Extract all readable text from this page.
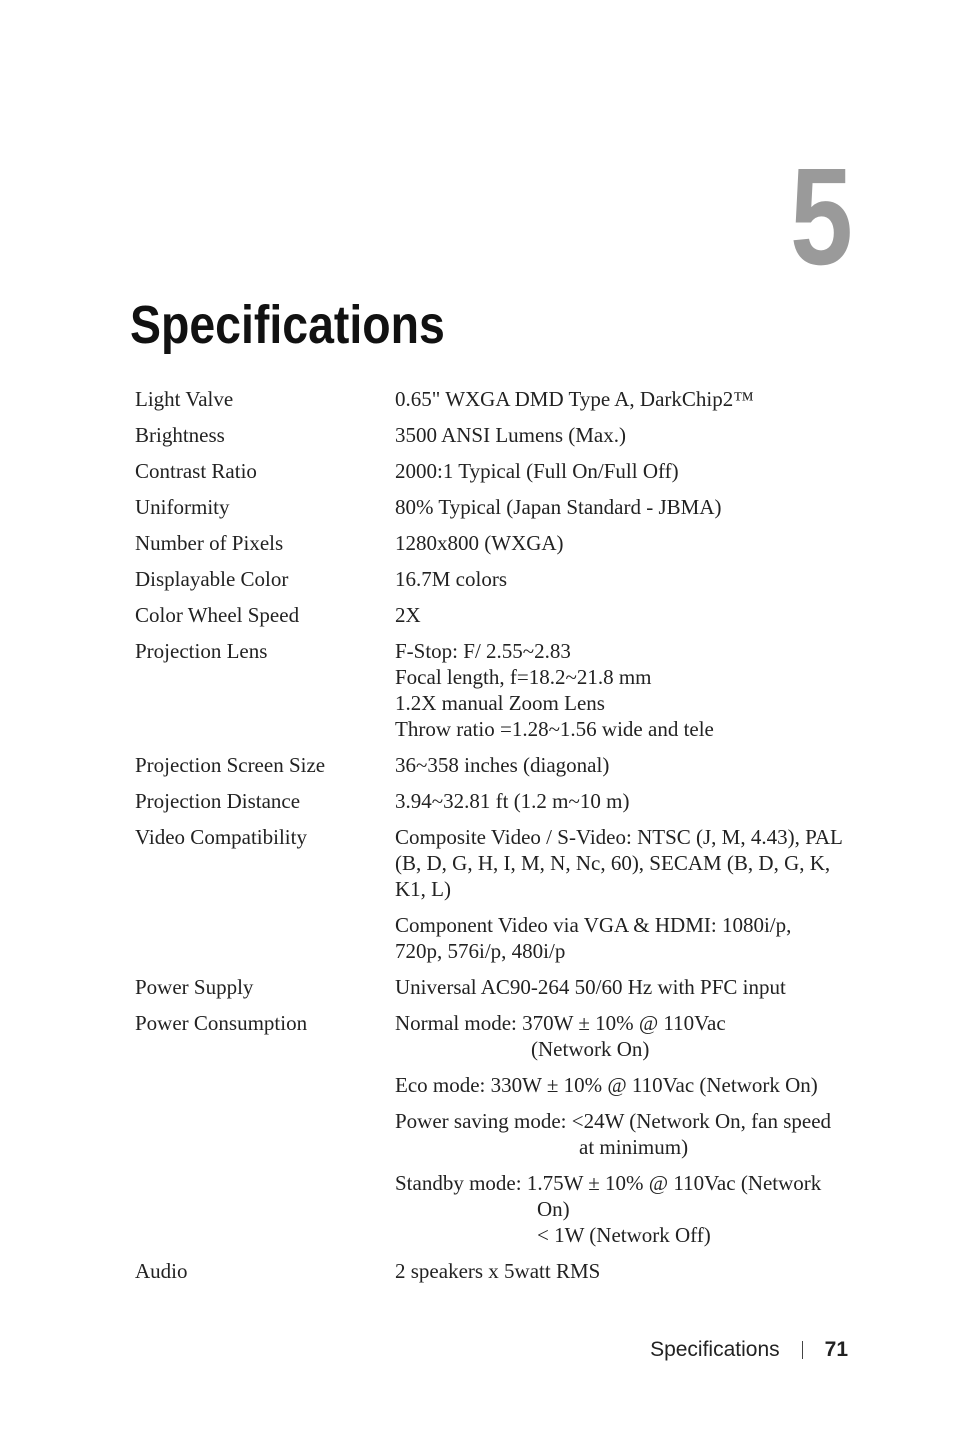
5
Specifications
Light Valve	0.65" WXGA DMD Type A, DarkChip2™
Brightness	3500 ANSI Lumens (Max.)
Contrast Ratio	2000:1 Typical (Full On/Full Off)
Uniformity	80% Typical (Japan Standard - JBMA)
Number of Pixels	1280x800 (WXGA)
Displayable Color	16.7M colors
Color Wheel Speed	2X
Projection Lens	F-Stop: F/ 2.55~2.83
Focal length, f=18.2~21.8 mm
1.2X manual Zoom Lens
Throw ratio =1.28~1.56 wide and tele
Projection Screen Size	36~358 inches (diagonal)
Projection Distance	3.94~32.81 ft (1.2 m~10 m)
Video Compatibility	Composite Video / S-Video: NTSC (J, M, 4.43), PAL
(B, D, G, H, I, M, N, Nc, 60), SECAM (B, D, G, K,
K1, L)
Component Video via VGA & HDMI: 1080i/p,
720p, 576i/p, 480i/p
Power Supply	Universal AC90-264 50/60 Hz with PFC input
Power Consumption	Normal mode: 370W ± 10% @ 110Vac
(Network On)
Eco mode: 330W ± 10% @ 110Vac (Network On)
Power saving mode: <24W (Network On, fan speed
at minimum)
Standby mode: 1.75W ± 10% @ 110Vac (Network
On)
< 1W (Network Off)
Audio	2 speakers x 5watt RMS
Specifications 71
